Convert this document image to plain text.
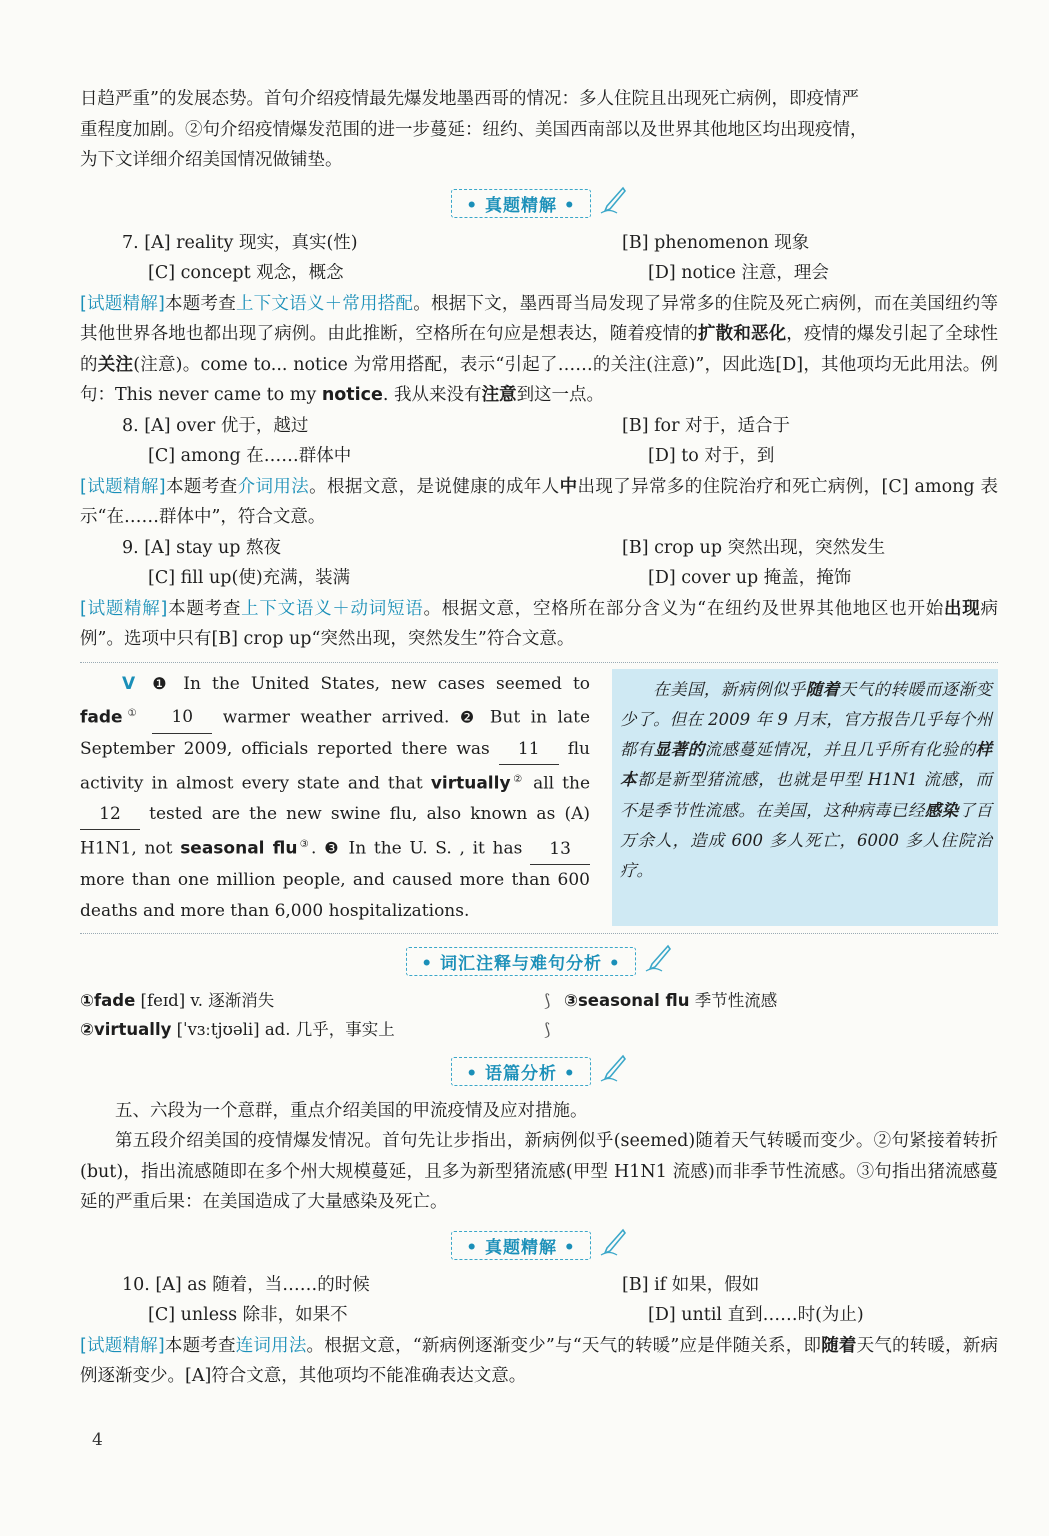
日趋严重”的发展态势。首句介绍疫情最先爆发地墨西哥的情况：多人住院且出现死亡病例，即疫情严
重程度加剧。②句介绍疫情爆发范围的进一步蔓延：纽约、美国西南部以及世界其他地区均出现疫情，
为下文详细介绍美国情况做铺垫。

• 真题精解 •
7. [A] reality 现实，真实(性)	[B] phenomenon 现象
[C] concept 观念，概念	[D] notice 注意，理会

[试题精解]本题考查上下文语义＋常用搭配。根据下文，墨西哥当局发现了异常多的住院及死亡病例，而在美国纽约等其他世界各地也都出现了病例。由此推断，空格所在句应是想表达，随着疫情的扩散和恶化，疫情的爆发引起了全球性的关注(注意)。come to... notice 为常用搭配，表示“引起了……的关注(注意)”，因此选[D]，其他项均无此用法。例句：This never came to my notice. 我从来没有注意到这一点。

8. [A] over 优于，越过	[B] for 对于，适合于
[C] among 在……群体中	[D] to 对于，到

[试题精解]本题考查介词用法。根据文意，是说健康的成年人中出现了异常多的住院治疗和死亡病例，[C] among 表示“在……群体中”，符合文意。

9. [A] stay up 熬夜	[B] crop up 突然出现，突然发生
[C] fill up(使)充满，装满	[D] cover up 掩盖，掩饰

[试题精解]本题考查上下文语义＋动词短语。根据文意，空格所在部分含义为“在纽约及世界其他地区也开始出现病例”。选项中只有[B] crop up“突然出现，突然发生”符合文意。

V ❶ In the United States, new cases seemed to fade① 10 warmer weather arrived. ❷ But in late September 2009, officials reported there was 11 flu activity in almost every state and that virtually② all the 12 tested are the new swine flu, also known as (A) H1N1, not seasonal flu③. ❸ In the U. S. , it has 13 more than one million people, and caused more than 600 deaths and more than 6,000 hospitalizations.
在美国，新病例似乎随着天气的转暖而逐渐变少了。但在 2009 年 9 月末，官方报告几乎每个州都有显著的流感蔓延情况，并且几乎所有化验的样本都是新型猪流感，也就是甲型 H1N1 流感，而不是季节性流感。在美国，这种病毒已经感染了百万余人，造成 600 多人死亡，6000 多人住院治疗。
• 词汇注释与难句分析 •
①fade [feɪd] v. 逐渐消失
②virtually [ˈvɜːtjʊəli] ad. 几乎，事实上
⟆
⟆
③seasonal flu 季节性流感
• 语篇分析 •

五、六段为一个意群，重点介绍美国的甲流疫情及应对措施。

第五段介绍美国的疫情爆发情况。首句先让步指出，新病例似乎(seemed)随着天气转暖而变少。②句紧接着转折(but)，指出流感随即在多个州大规模蔓延，且多为新型猪流感(甲型 H1N1 流感)而非季节性流感。③句指出猪流感蔓延的严重后果：在美国造成了大量感染及死亡。

• 真题精解 •
10. [A] as 随着，当……的时候	[B] if 如果，假如
[C] unless 除非，如果不	[D] until 直到……时(为止)

[试题精解]本题考查连词用法。根据文意，“新病例逐渐变少”与“天气的转暖”应是伴随关系，即随着天气的转暖，新病例逐渐变少。[A]符合文意，其他项均不能准确表达文意。

4
